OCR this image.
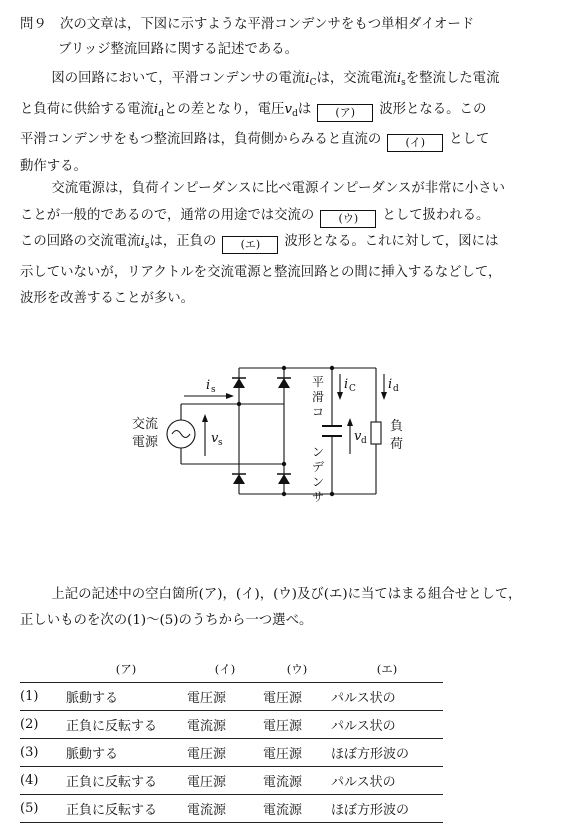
問９ 次の文章は，下図に示すような平滑コンデンサをもつ単相ダイオード
ブリッジ整流回路に関する記述である。
　図の回路において，平滑コンデンサの電流$i_C$は，交流電流$i_s$を整流した電流
と負荷に供給する電流$i_d$との差となり，電圧$v_d$は (ア) 波形となる。この
平滑コンデンサをもつ整流回路は，負荷側からみると直流の (イ) として
動作する。
　交流電源は，負荷インピーダンスに比べ電源インピーダンスが非常に小さい
ことが一般的であるので，通常の用途では交流の (ウ) として扱われる。
この回路の交流電流$i_s$は，正負の (エ) 波形となる。これに対して，図には
示していないが，リアクトルを交流電源と整流回路との間に挿入するなどして，
波形を改善することが多い。
交流
電源
i s
v s
平
滑
コ
ン
デ
ン
サ
i C
v d
i d
負
荷
　上記の記述中の空白箇所(ア)，(イ)，(ウ)及び(エ)に当てはまる組合せとして，
正しいものを次の(1)～(5)のうちから一つ選べ。
	(ア)	(イ)	(ウ)	(エ)
(1)	脈動する	電圧源	電圧源	パルス状の
(2)	正負に反転する	電流源	電圧源	パルス状の
(3)	脈動する	電圧源	電圧源	ほぼ方形波の
(4)	正負に反転する	電圧源	電流源	パルス状の
(5)	正負に反転する	電流源	電流源	ほぼ方形波の
